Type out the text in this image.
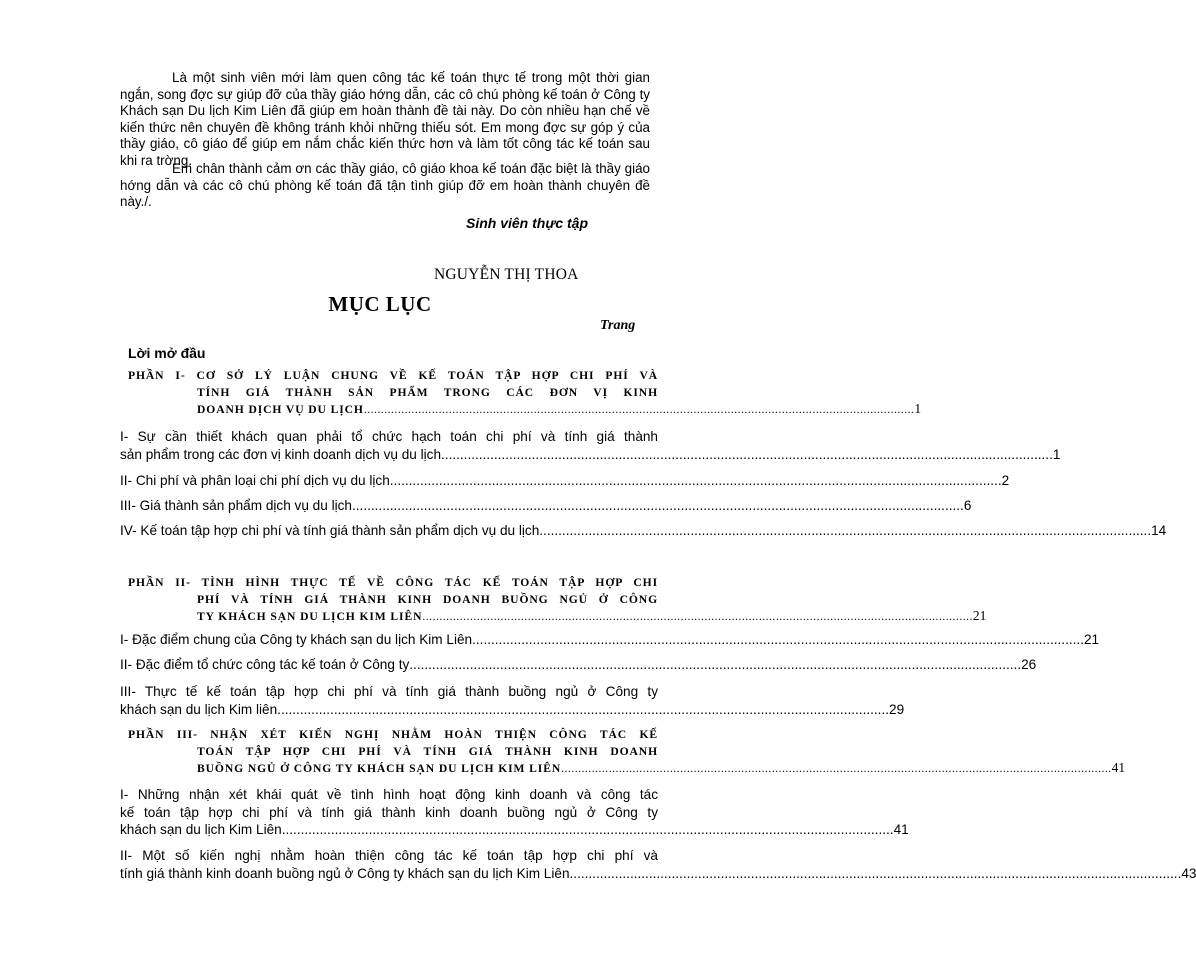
Là một sinh viên mới làm quen công tác kế toán thực tế trong một thời gian ngắn, song đợc sự giúp đỡ của thầy giáo hớng dẫn, các cô chú phòng kế toán ở Công ty Khách sạn Du lịch Kim Liên đã giúp em hoàn thành đề tài này. Do còn nhiều hạn chế về kiến thức nên chuyên đề không tránh khỏi những thiếu sót. Em mong đợc sự góp ý của thầy giáo, cô giáo để giúp em nắm chắc kiến thức hơn và làm tốt công tác kế toán sau khi ra trờng.

Em chân thành cảm ơn các thầy giáo, cô giáo khoa kế toán đặc biệt là thầy giáo hớng dẫn và các cô chú phòng kế toán đã tận tình giúp đỡ em hoàn thành chuyên đề này./.

Sinh viên thực tập
NGUYỄN THỊ THOA
MỤC LỤC
Trang
Lời mở đầu
PHẦN I- CƠ SỞ LÝ LUẬN CHUNG VỀ KẾ TOÁN TẬP HỢP CHI PHÍ VÀ
TÍNH GIÁ THÀNH SẢN PHẨM TRONG CÁC ĐƠN VỊ KINH
DOANH DỊCH VỤ DU LỊCH .................................................................................................................................................................. 1
I- Sự cần thiết khách quan phải tổ chức hạch toán chi phí và tính giá thành
sản phẩm trong các đơn vị kinh doanh dịch vụ du lịch .................................................................................................................................................................. 1
II- Chi phí và phân loại chi phí dịch vụ du lịch .................................................................................................................................................................. 2
III- Giá thành sản phẩm dịch vụ du lịch .................................................................................................................................................................. 6
IV- Kế toán tập hợp chi phí và tính giá thành sản phẩm dịch vụ du lịch .................................................................................................................................................................. 14
PHẦN II- TÌNH HÌNH THỰC TẾ VỀ CÔNG TÁC KẾ TOÁN TẬP HỢP CHI
PHÍ VÀ TÍNH GIÁ THÀNH KINH DOANH BUỒNG NGỦ Ở CÔNG
TY KHÁCH SẠN DU LỊCH KIM LIÊN .................................................................................................................................................................. 21
I- Đặc điểm chung của Công ty khách sạn du lịch Kim Liên .................................................................................................................................................................. 21
II- Đặc điểm tổ chức công tác kế toán ở Công ty .................................................................................................................................................................. 26
III- Thực tế kế toán tập hợp chi phí và tính giá thành buồng ngủ ở Công ty
khách sạn du lịch Kim liên .................................................................................................................................................................. 29
PHẦN III- NHẬN XÉT KIẾN NGHỊ NHẰM HOÀN THIỆN CÔNG TÁC KẾ
TOÁN TẬP HỢP CHI PHÍ VÀ TÍNH GIÁ THÀNH KINH DOANH
BUỒNG NGỦ Ở CÔNG TY KHÁCH SẠN DU LỊCH KIM LIÊN .................................................................................................................................................................. 41
I- Những nhận xét khái quát về tình hình hoạt động kinh doanh và công tác
kế toán tập hợp chi phí và tính giá thành kinh doanh buồng ngủ ở Công ty
khách sạn du lịch Kim Liên .................................................................................................................................................................. 41
II- Một số kiến nghị nhằm hoàn thiện công tác kế toán tập hợp chi phí và
tính giá thành kinh doanh buồng ngủ ở Công ty khách sạn du lịch Kim Liên .................................................................................................................................................................. 43
